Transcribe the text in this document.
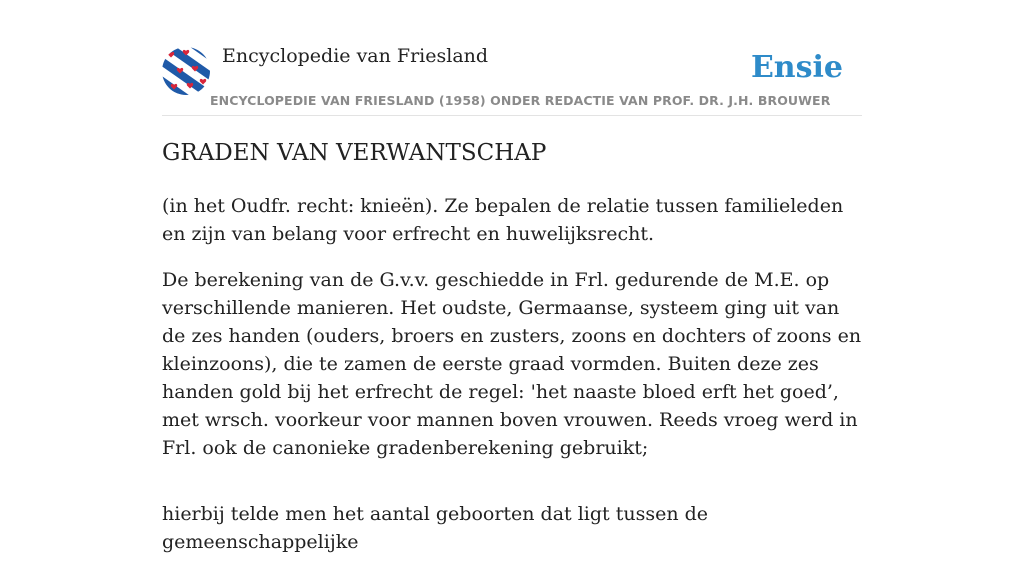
Encyclopedie van Friesland
ENCYCLOPEDIE VAN FRIESLAND (1958) ONDER REDACTIE VAN PROF. DR. J.H. BROUWER
Ensie
GRADEN VAN VERWANTSCHAP

(in het Oudfr. recht: knieën). Ze bepalen de relatie tussen familieleden en zijn van belang voor erfrecht en huwelijksrecht.

De berekening van de G.v.v. geschiedde in Frl. gedurende de M.E. op verschillende manieren. Het oudste, Germaanse, systeem ging uit van de zes handen (ouders, broers en zusters, zoons en dochters of zoons en kleinzoons), die te zamen de eerste graad vormden. Buiten deze zes handen gold bij het erfrecht de regel: 'het naaste bloed erft het goed’, met wrsch. voorkeur voor mannen boven vrouwen. Reeds vroeg werd in Frl. ook de canonieke gradenberekening gebruikt;

hierbij telde men het aantal geboorten dat ligt tussen de gemeenschappelijke
